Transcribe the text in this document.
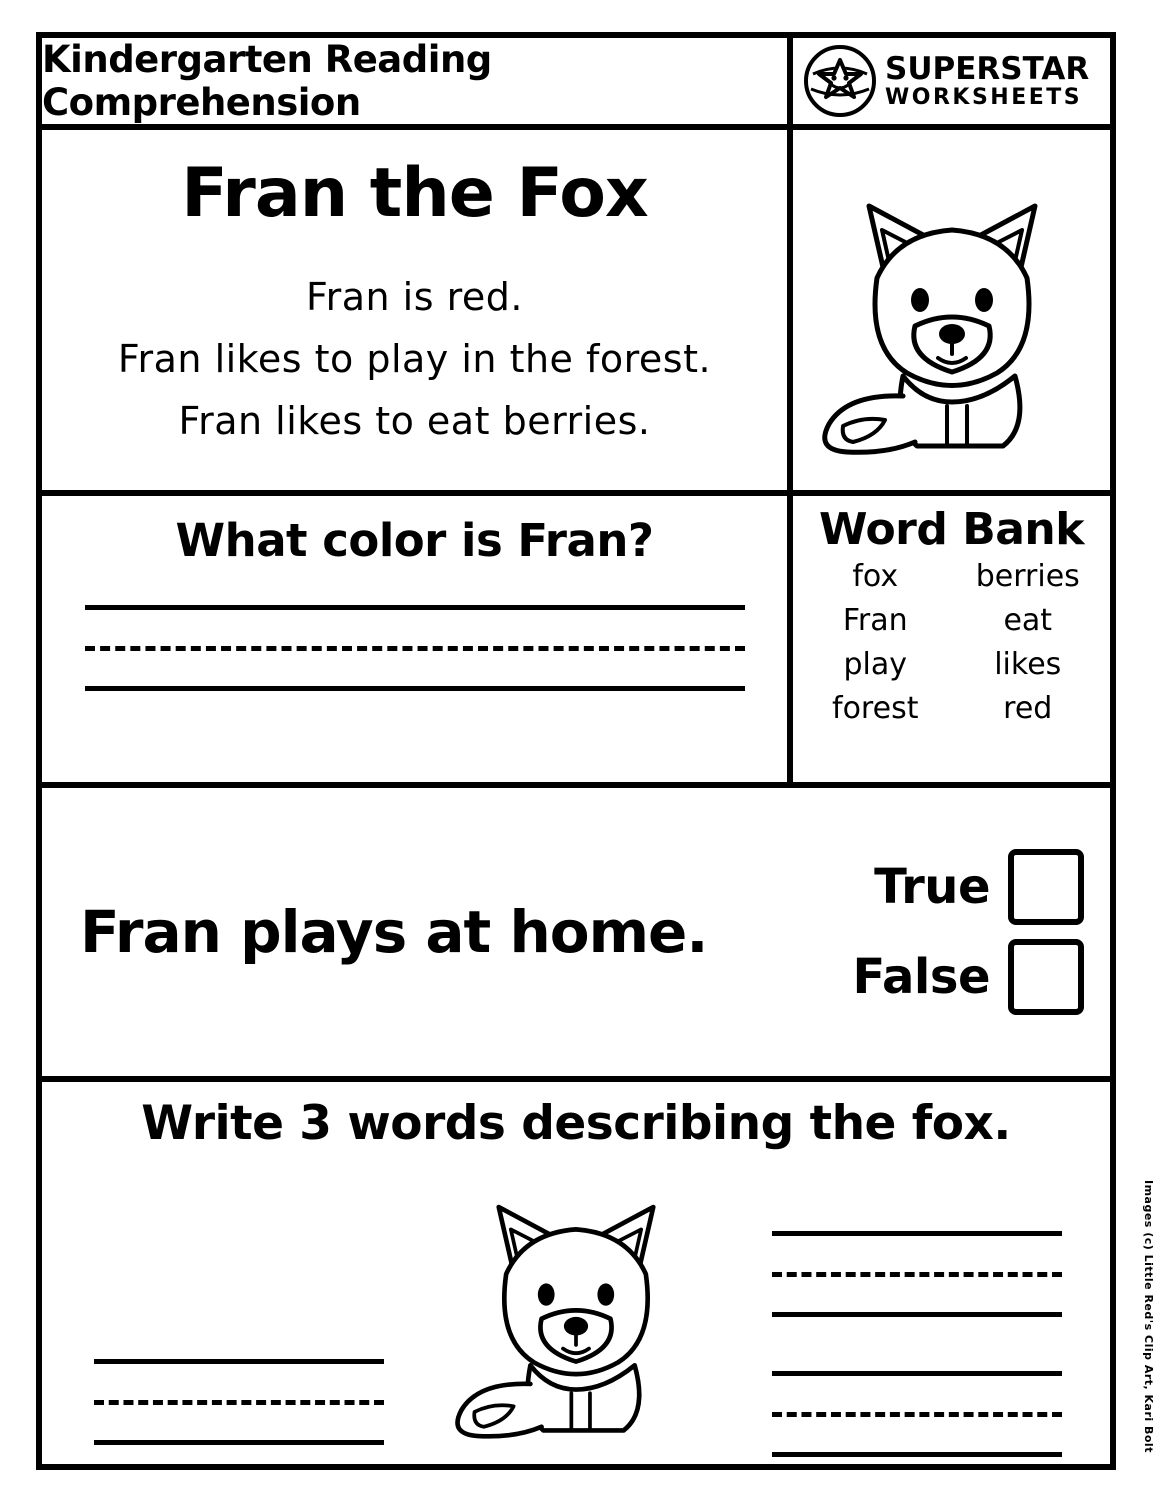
Kindergarten Reading Comprehension
SUPERSTAR
WORKSHEETS
Fran the Fox
Fran is red.
Fran likes to play in the forest.
Fran likes to eat berries.
What color is Fran?	Word Bank
fox	berries
Fran	eat
play	likes
forest	red
Fran plays at home.
True
False
Write 3 words describing the fox.
Images (c) Little Red's Clip Art, Kari Bolt
